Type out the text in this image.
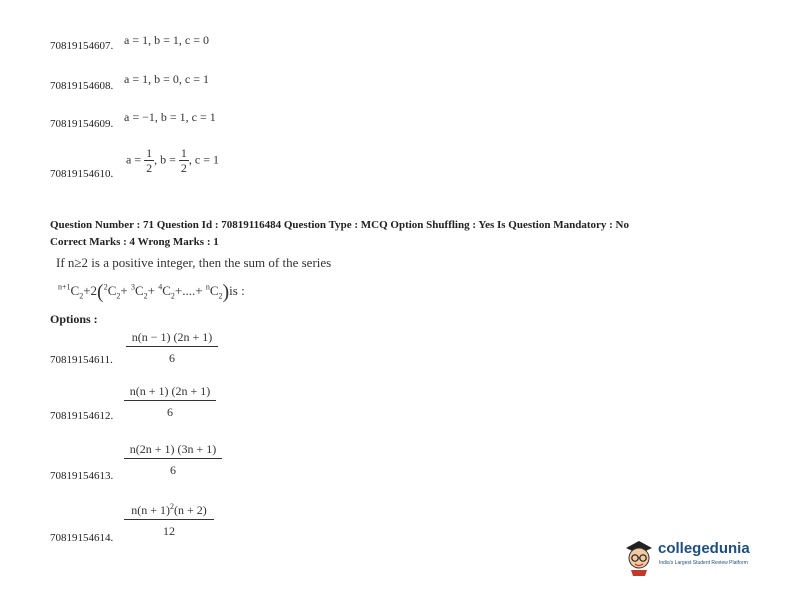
70819154607. a = 1, b = 1, c = 0
70819154608. a = 1, b = 0, c = 1
70819154609. a = −1, b = 1, c = 1
70819154610.
$a = \frac{1}{2}$ , $b = \frac{1}{2}$ , c = 1
Question Number : 71 Question Id : 70819116484 Question Type : MCQ Option Shuffling : Yes Is Question Mandatory : No
Correct Marks : 4 Wrong Marks : 1
If n≥2 is a positive integer, then the sum of the series
$^{n+1}C_2+2(^2C_2+ ^3C_2+ ^4C_2+....+ ^nC_2)is$ :
Options :
$\frac{n(n - 1) (2n + 1)}{6}$
70819154611.
$\frac{n(n + 1) (2n + 1)}{6}$
70819154612.
$\frac{n(2n + 1) (3n + 1)}{6}$
70819154613.
$\frac{n(n + 1)^2(n + 2)}{12}$
70819154614.
collegedunia
India's Largest Student Review Platform
